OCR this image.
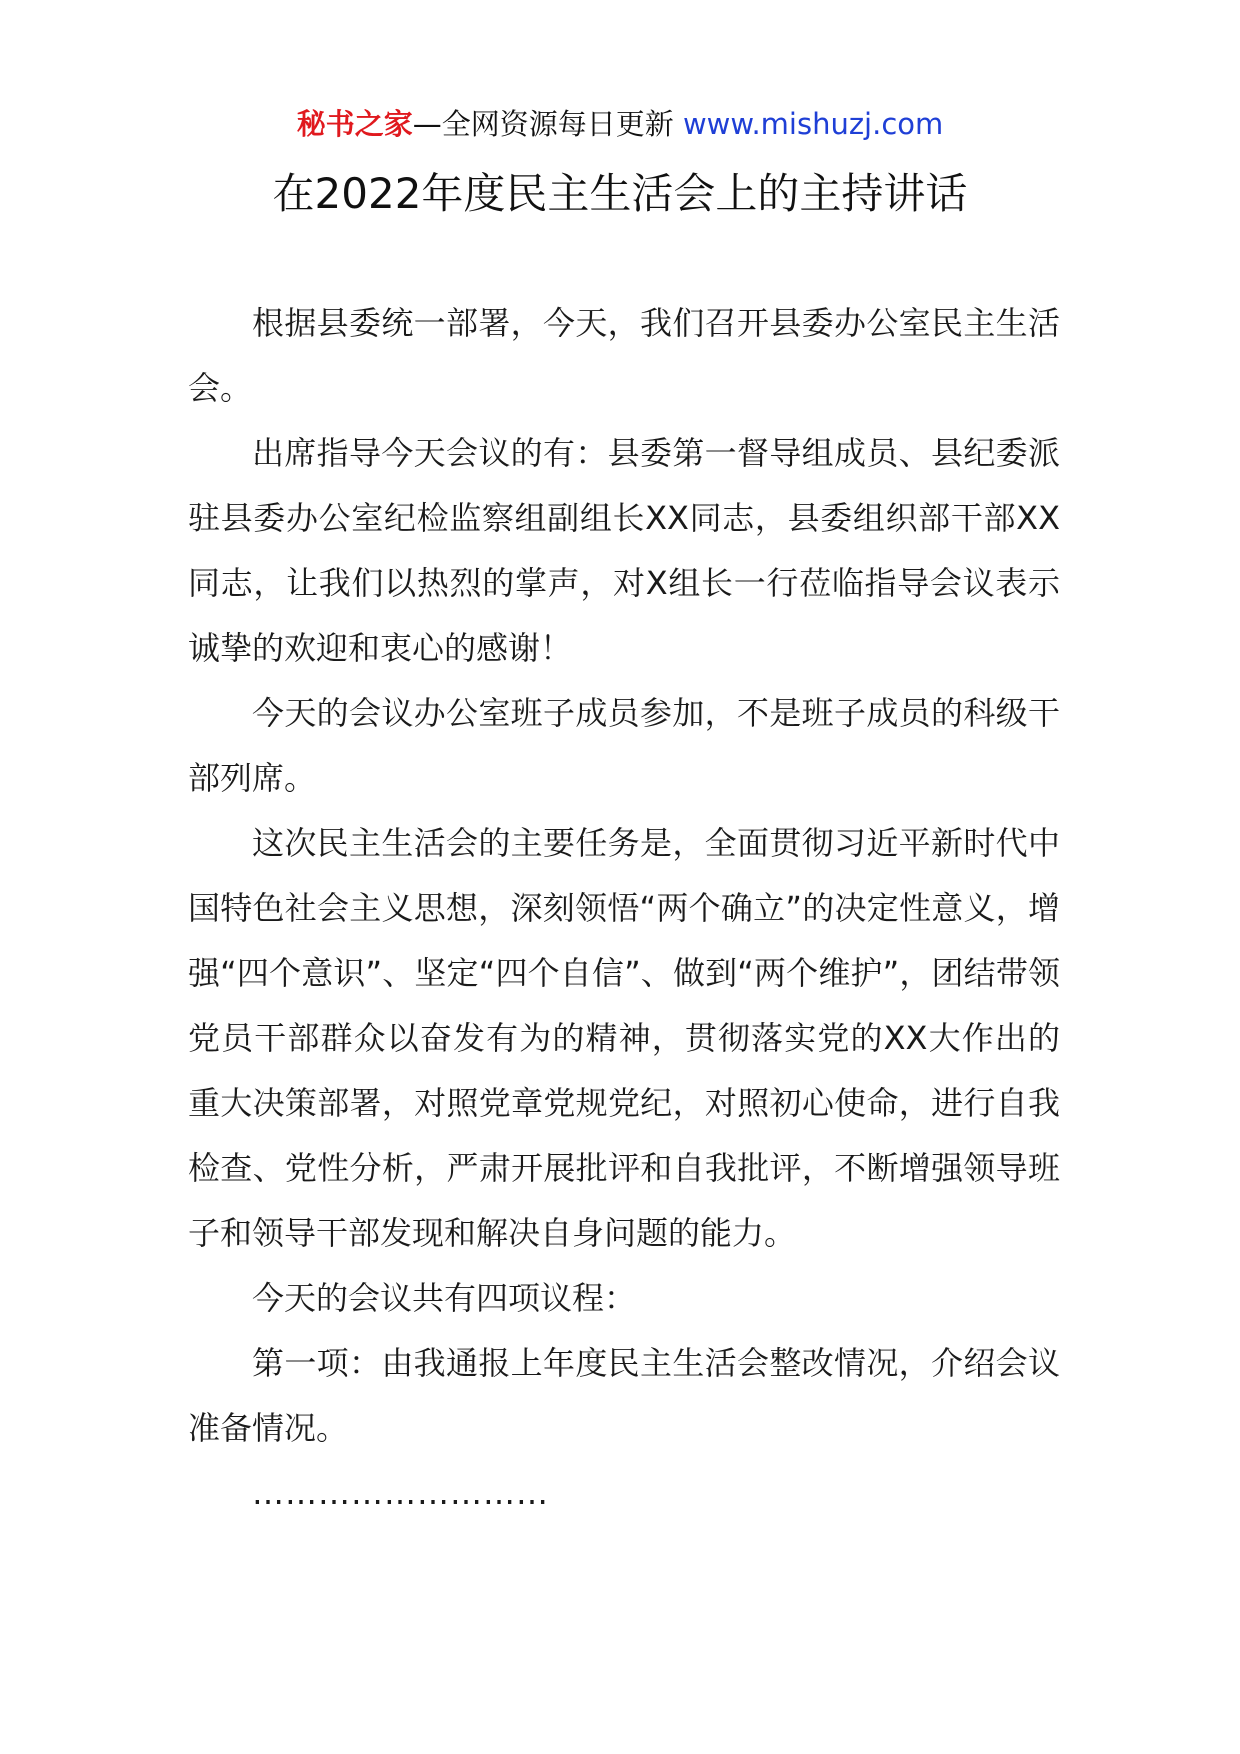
秘书之家—全网资源每日更新 www.mishuzj.com
在2022年度民主生活会上的主持讲话

根据县委统一部署，今天，我们召开县委办公室民主生活会。

出席指导今天会议的有：县委第一督导组成员、县纪委派驻县委办公室纪检监察组副组长XX同志，县委组织部干部XX同志，让我们以热烈的掌声，对X组长一行莅临指导会议表示诚挚的欢迎和衷心的感谢！

今天的会议办公室班子成员参加，不是班子成员的科级干部列席。

这次民主生活会的主要任务是，全面贯彻习近平新时代中国特色社会主义思想，深刻领悟“两个确立”的决定性意义，增强“四个意识”、坚定“四个自信”、做到“两个维护”，团结带领党员干部群众以奋发有为的精神，贯彻落实党的XX大作出的重大决策部署，对照党章党规党纪，对照初心使命，进行自我检查、党性分析，严肃开展批评和自我批评，不断增强领导班子和领导干部发现和解决自身问题的能力。

今天的会议共有四项议程：

第一项：由我通报上年度民主生活会整改情况，介绍会议准备情况。

………………………
